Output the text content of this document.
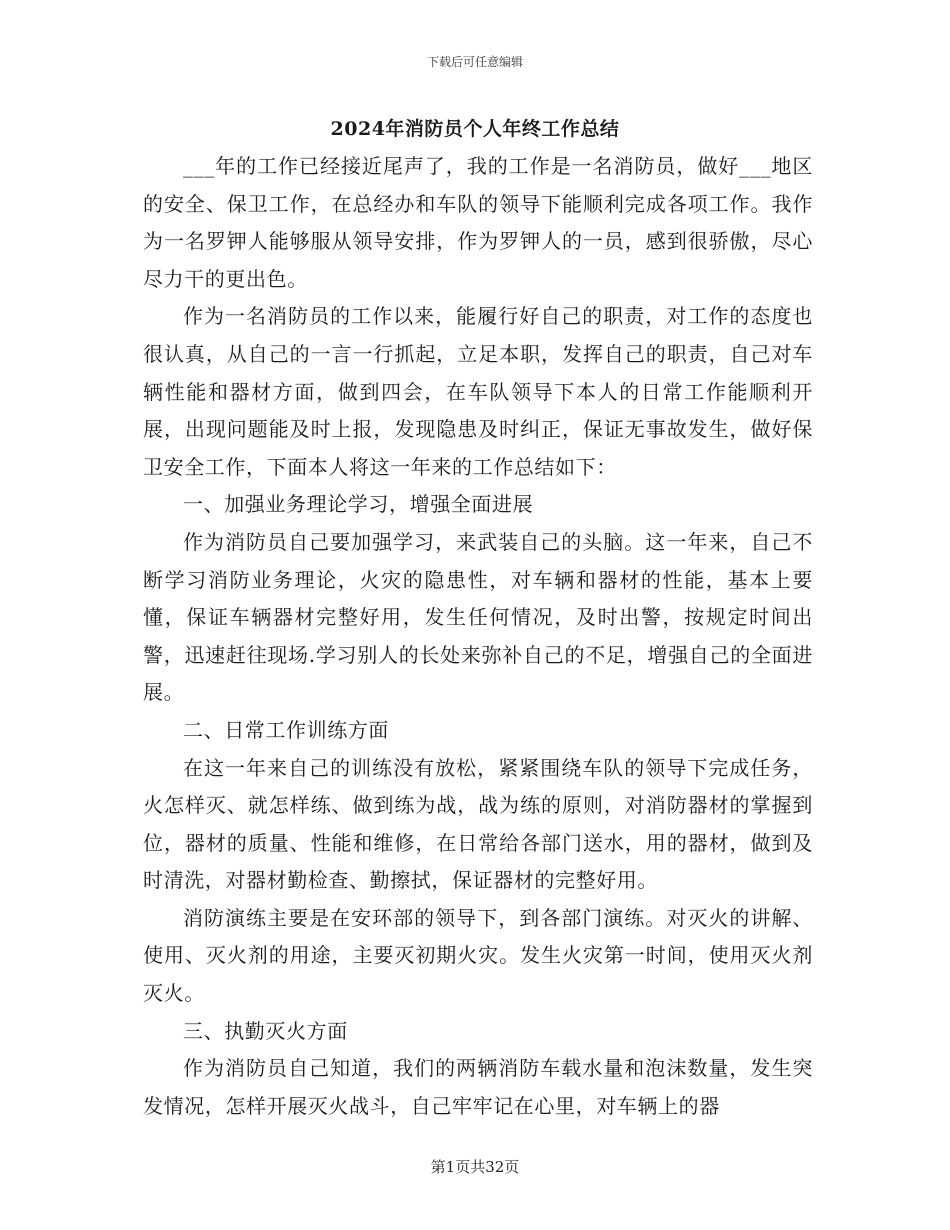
下载后可任意编辑
2024年消防员个人年终工作总结

___年的工作已经接近尾声了，我的工作是一名消防员，做好___地区的安全、保卫工作，在总经办和车队的领导下能顺利完成各项工作。我作为一名罗钾人能够服从领导安排，作为罗钾人的一员，感到很骄傲，尽心尽力干的更出色。

作为一名消防员的工作以来，能履行好自己的职责，对工作的态度也很认真，从自己的一言一行抓起，立足本职，发挥自己的职责，自己对车辆性能和器材方面，做到四会，在车队领导下本人的日常工作能顺利开展，出现问题能及时上报，发现隐患及时纠正，保证无事故发生，做好保卫安全工作，下面本人将这一年来的工作总结如下：

一、加强业务理论学习，增强全面进展

作为消防员自己要加强学习，来武装自己的头脑。这一年来，自己不断学习消防业务理论，火灾的隐患性，对车辆和器材的性能，基本上要懂，保证车辆器材完整好用，发生任何情况，及时出警，按规定时间出警，迅速赶往现场.学习别人的长处来弥补自己的不足，增强自己的全面进展。

二、日常工作训练方面

在这一年来自己的训练没有放松，紧紧围绕车队的领导下完成任务，火怎样灭、就怎样练、做到练为战，战为练的原则，对消防器材的掌握到位，器材的质量、性能和维修，在日常给各部门送水，用的器材，做到及时清洗，对器材勤检查、勤擦拭，保证器材的完整好用。

消防演练主要是在安环部的领导下，到各部门演练。对灭火的讲解、使用、灭火剂的用途，主要灭初期火灾。发生火灾第一时间，使用灭火剂灭火。

三、执勤灭火方面

作为消防员自己知道，我们的两辆消防车载水量和泡沫数量，发生突发情况，怎样开展灭火战斗，自己牢牢记在心里，对车辆上的器

第1页共32页
